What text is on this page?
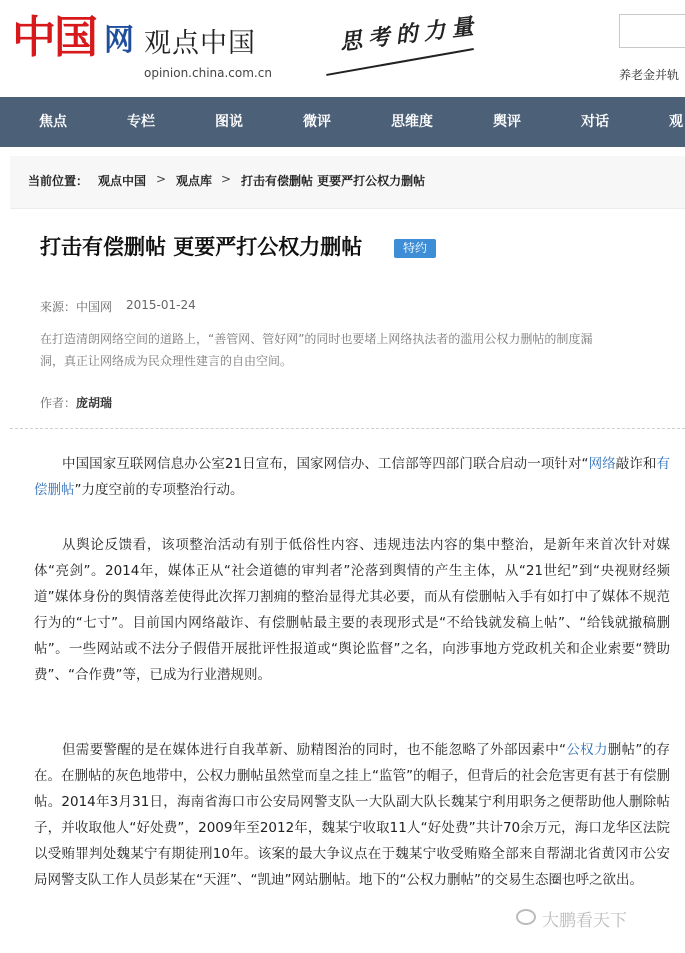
中国 网 观点中国
opinion.china.com.cn
思考的力量
养老金并轨
焦点	专栏	图说	微评	思维度	舆评	对话	观
当前位置： 观点中国 > 观点库 > 打击有偿删帖 更要严打公权力删帖
打击有偿删帖 更要严打公权力删帖	特约
来源： 中国网 2015-01-24
在打造清朗网络空间的道路上，“善管网、管好网”的同时也要堵上网络执法者的滥用公权力删帖的制度漏洞，真正让网络成为民众理性建言的自由空间。
作者： 庞胡瑞
中国国家互联网信息办公室21日宣布，国家网信办、工信部等四部门联合启动一项针对“网络敲诈和有偿删帖”力度空前的专项整治行动。
从舆论反馈看，该项整治活动有别于低俗性内容、违规违法内容的集中整治，是新年来首次针对媒体“亮剑”。2014年，媒体正从“社会道德的审判者”沦落到舆情的产生主体，从“21世纪”到“央视财经频道”媒体身份的舆情落差使得此次挥刀割痈的整治显得尤其必要，而从有偿删帖入手有如打中了媒体不规范行为的“七寸”。目前国内网络敲诈、有偿删帖最主要的表现形式是“不给钱就发稿上帖”、“给钱就撤稿删帖”。一些网站或不法分子假借开展批评性报道或“舆论监督”之名，向涉事地方党政机关和企业索要“赞助费”、“合作费”等，已成为行业潜规则。
但需要警醒的是在媒体进行自我革新、励精图治的同时，也不能忽略了外部因素中“公权力删帖”的存在。在删帖的灰色地带中，公权力删帖虽然堂而皇之挂上“监管”的帽子，但背后的社会危害更有甚于有偿删帖。2014年3月31日，海南省海口市公安局网警支队一大队副大队长魏某宁利用职务之便帮助他人删除帖子，并收取他人“好处费”，2009年至2012年，魏某宁收取11人“好处费”共计70余万元，海口龙华区法院以受贿罪判处魏某宁有期徒刑10年。该案的最大争议点在于魏某宁收受贿赂全部来自帮湖北省黄冈市公安局网警支队工作人员彭某在“天涯”、“凯迪”网站删帖。地下的“公权力删帖”的交易生态圈也呼之欲出。
大鹏看天下
